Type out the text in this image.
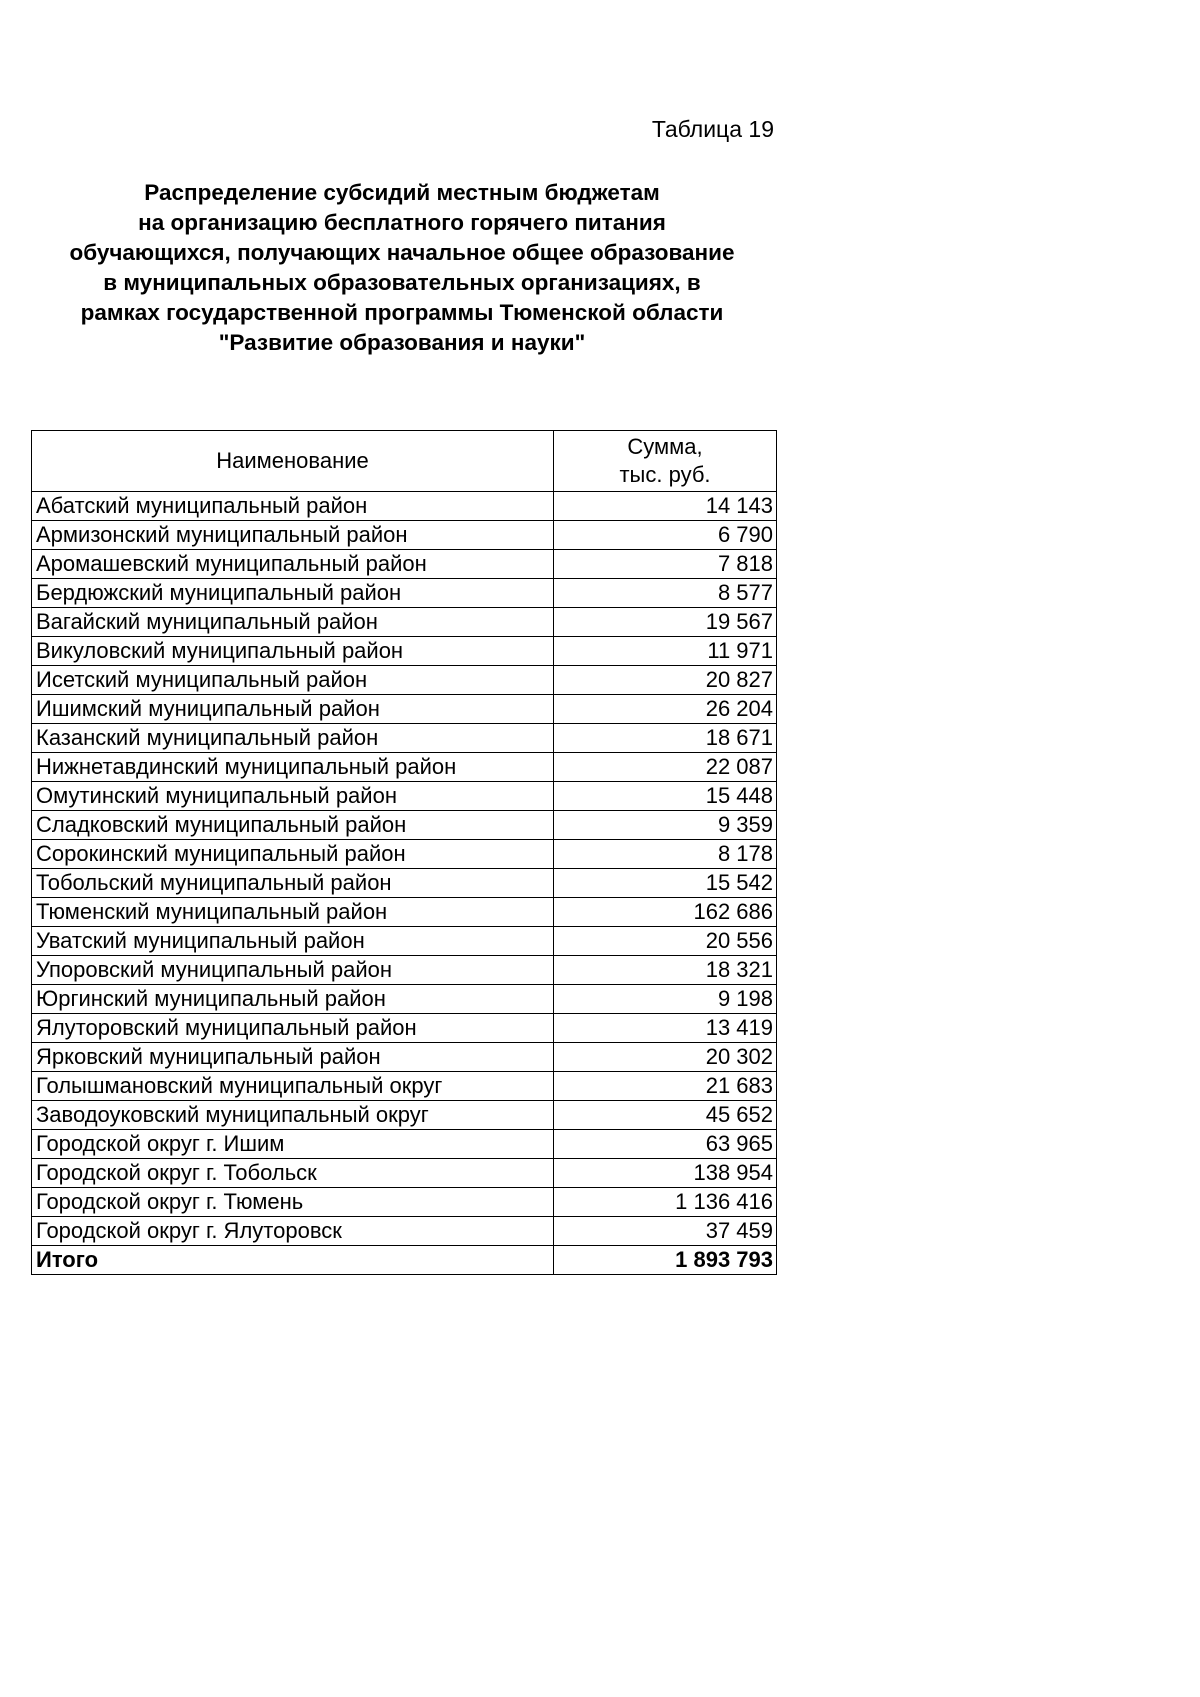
Таблица 19
Распределение субсидий местным бюджетам
на организацию бесплатного горячего питания
обучающихся, получающих начальное общее образование
в муниципальных образовательных организациях, в
рамках государственной программы Тюменской области
"Развитие образования и науки"
Наименование	Сумма,
тыс. руб.

Абатский муниципальный район	14 143
Армизонский муниципальный район	6 790
Аромашевский муниципальный район	7 818
Бердюжский муниципальный район	8 577
Вагайский муниципальный район	19 567
Викуловский муниципальный район	11 971
Исетский муниципальный район	20 827
Ишимский муниципальный район	26 204
Казанский муниципальный район	18 671
Нижнетавдинский муниципальный район	22 087
Омутинский муниципальный район	15 448
Сладковский муниципальный район	9 359
Сорокинский муниципальный район	8 178
Тобольский муниципальный район	15 542
Тюменский муниципальный район	162 686
Уватский муниципальный район	20 556
Упоровский муниципальный район	18 321
Юргинский муниципальный район	9 198
Ялуторовский муниципальный район	13 419
Ярковский муниципальный район	20 302
Голышмановский муниципальный округ	21 683
Заводоуковский муниципальный округ	45 652
Городской округ г. Ишим	63 965
Городской округ г. Тобольск	138 954
Городской округ г. Тюмень	1 136 416
Городской округ г. Ялуторовск	37 459
Итого	1 893 793
